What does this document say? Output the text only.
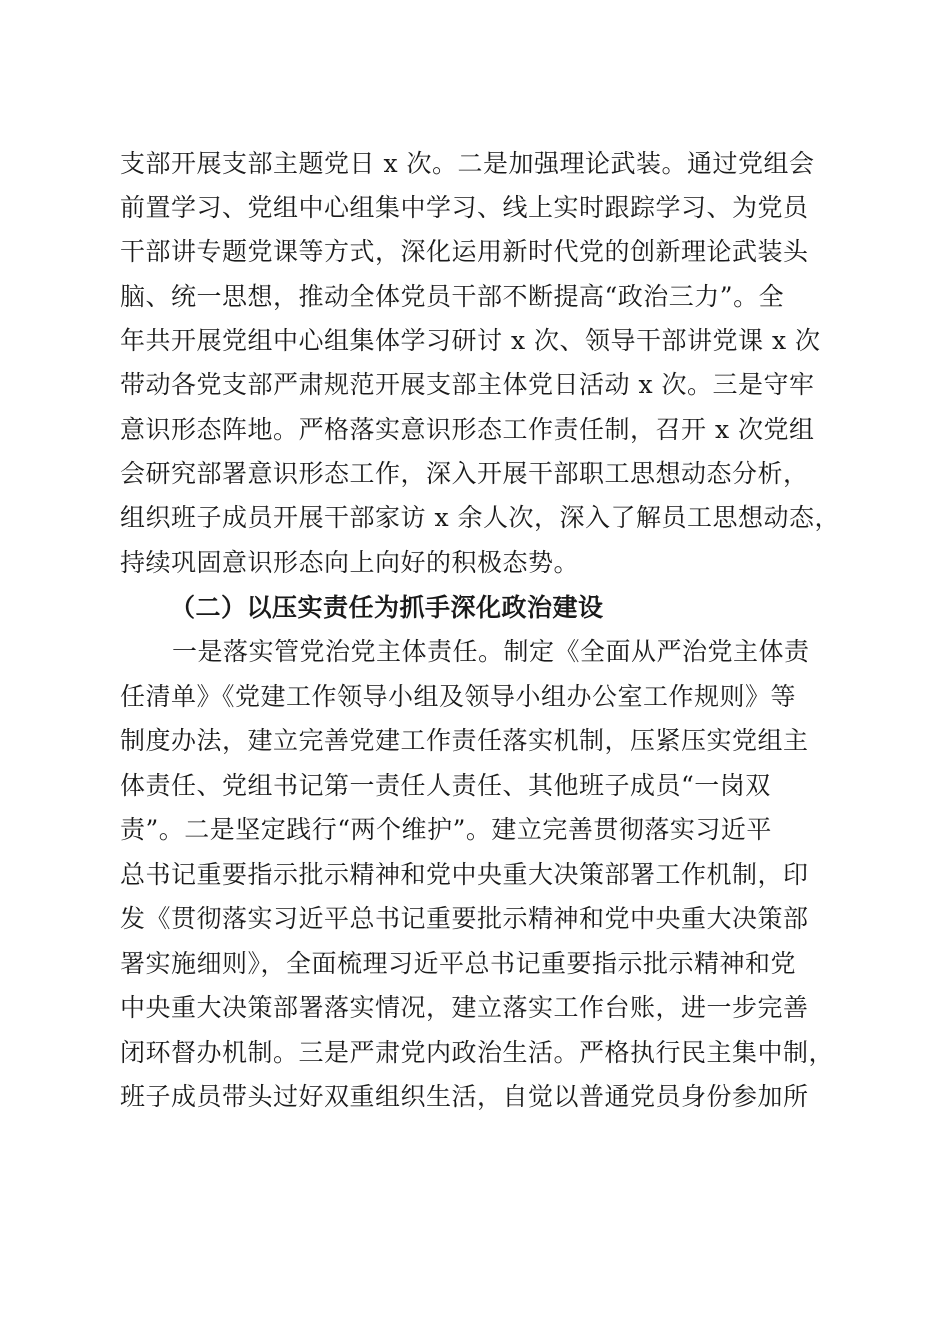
支部开展支部主题党日 x 次。二是加强理论武装。通过党组会
前置学习、党组中心组集中学习、线上实时跟踪学习、为党员
干部讲专题党课等方式，深化运用新时代党的创新理论武装头
脑、统一思想，推动全体党员干部不断提高“政治三力”。全
年共开展党组中心组集体学习研讨 x 次、领导干部讲党课 x 次
带动各党支部严肃规范开展支部主体党日活动 x 次。三是守牢
意识形态阵地。严格落实意识形态工作责任制，召开 x 次党组
会研究部署意识形态工作，深入开展干部职工思想动态分析，
组织班子成员开展干部家访 x 余人次，深入了解员工思想动态，
持续巩固意识形态向上向好的积极态势。
（二）以压实责任为抓手深化政治建设
一是落实管党治党主体责任。制定《全面从严治党主体责
任清单》《党建工作领导小组及领导小组办公室工作规则》等
制度办法，建立完善党建工作责任落实机制，压紧压实党组主
体责任、党组书记第一责任人责任、其他班子成员“一岗双
责”。二是坚定践行“两个维护”。建立完善贯彻落实习近平
总书记重要指示批示精神和党中央重大决策部署工作机制，印
发《贯彻落实习近平总书记重要批示精神和党中央重大决策部
署实施细则》，全面梳理习近平总书记重要指示批示精神和党
中央重大决策部署落实情况，建立落实工作台账，进一步完善
闭环督办机制。三是严肃党内政治生活。严格执行民主集中制，
班子成员带头过好双重组织生活，自觉以普通党员身份参加所
